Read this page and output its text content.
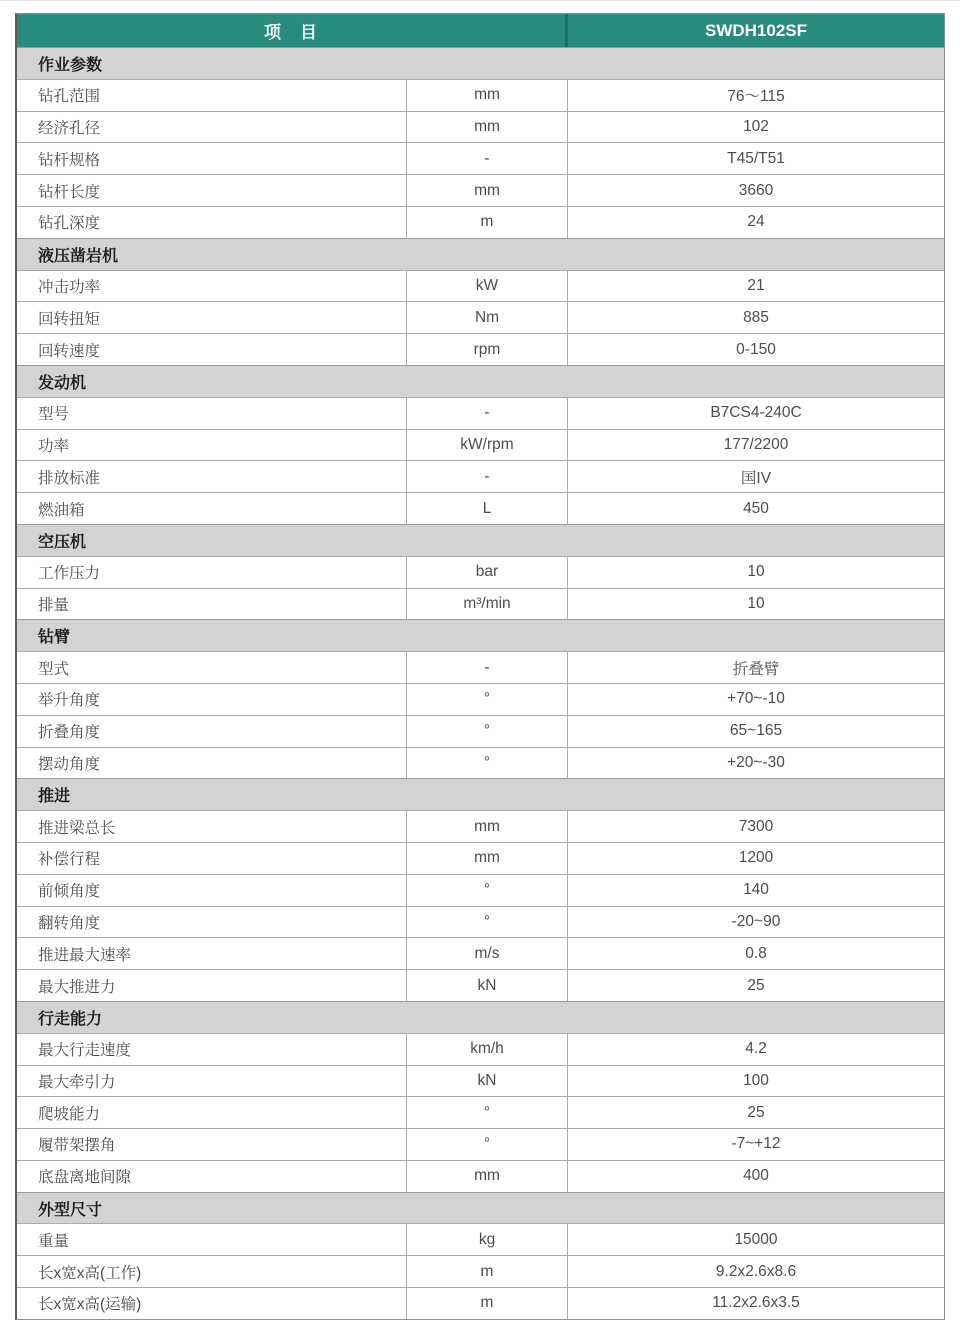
项　目	SWDH102SF
作业参数
钻孔范围	mm	76～115
经济孔径	mm	102
钻杆规格	-	T45/T51
钻杆长度	mm	3660
钻孔深度	m	24
液压凿岩机
冲击功率	kW	21
回转扭矩	Nm	885
回转速度	rpm	0-150
发动机
型号	-	B7CS4-240C
功率	kW/rpm	177/2200
排放标准	-	国IV
燃油箱	L	450
空压机
工作压力	bar	10
排量	m³/min	10
钻臂
型式	-	折叠臂
举升角度	°	+70~-10
折叠角度	°	65~165
摆动角度	°	+20~-30
推进
推进梁总长	mm	7300
补偿行程	mm	1200
前倾角度	°	140
翻转角度	°	-20~90
推进最大速率	m/s	0.8
最大推进力	kN	25
行走能力
最大行走速度	km/h	4.2
最大牵引力	kN	100
爬坡能力	°	25
履带架摆角	°	-7~+12
底盘离地间隙	mm	400
外型尺寸
重量	kg	15000
长x宽x高(工作)	m	9.2x2.6x8.6
长x宽x高(运输)	m	11.2x2.6x3.5
